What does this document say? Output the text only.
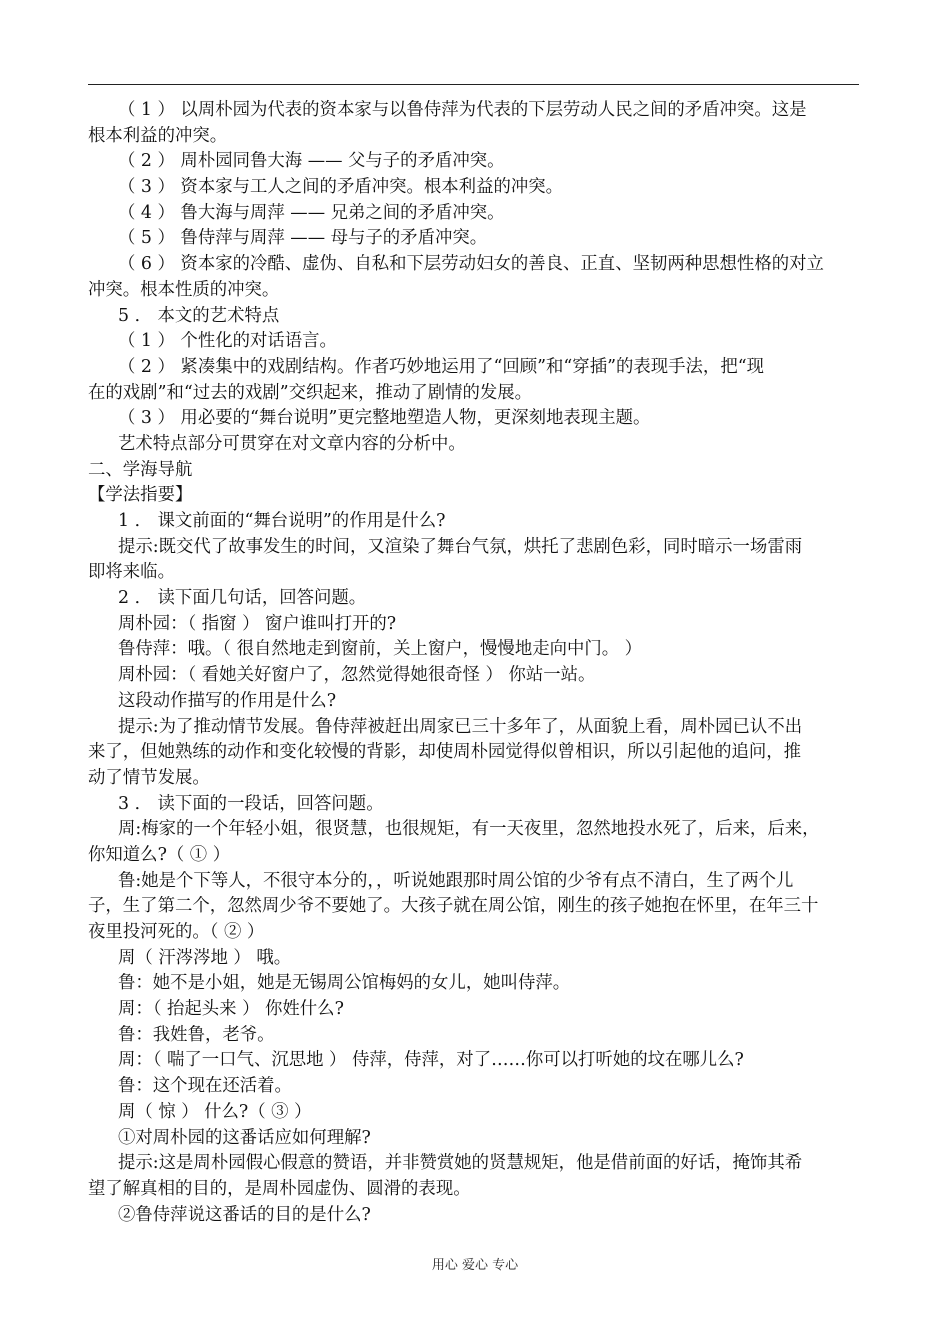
（ 1 ） 以周朴园为代表的资本家与以鲁侍萍为代表的下层劳动人民之间的矛盾冲突。这是
根本利益的冲突。
（ 2 ） 周朴园同鲁大海 —— 父与子的矛盾冲突。
（ 3 ） 资本家与工人之间的矛盾冲突。根本利益的冲突。
（ 4 ） 鲁大海与周萍 —— 兄弟之间的矛盾冲突。
（ 5 ） 鲁侍萍与周萍 —— 母与子的矛盾冲突。
（ 6 ） 资本家的冷酷、虚伪、自私和下层劳动妇女的善良、正直、坚韧两种思想性格的对立
冲突。根本性质的冲突。
5 ． 本文的艺术特点
（ 1 ） 个性化的对话语言。
（ 2 ） 紧凑集中的戏剧结构。作者巧妙地运用了“回顾”和“穿插”的表现手法，把“现
在的戏剧”和“过去的戏剧”交织起来，推动了剧情的发展。
（ 3 ） 用必要的“舞台说明”更完整地塑造人物，更深刻地表现主题。
艺术特点部分可贯穿在对文章内容的分析中。
二、学海导航
【学法指要】
1 ． 课文前面的“舞台说明”的作用是什么?
提示:既交代了故事发生的时间，又渲染了舞台气氛，烘托了悲剧色彩，同时暗示一场雷雨
即将来临。
2 ． 读下面几句话，回答问题。
周朴园：（ 指窗 ） 窗户谁叫打开的?
鲁侍萍：哦。（ 很自然地走到窗前，关上窗户，慢慢地走向中门。 ）
周朴园：（ 看她关好窗户了，忽然觉得她很奇怪 ） 你站一站。
这段动作描写的作用是什么?
提示:为了推动情节发展。鲁侍萍被赶出周家已三十多年了，从面貌上看，周朴园已认不出
来了，但她熟练的动作和变化较慢的背影，却使周朴园觉得似曾相识，所以引起他的追问，推
动了情节发展。
3 ． 读下面的一段话，回答问题。
周:梅家的一个年轻小姐，很贤慧，也很规矩，有一天夜里，忽然地投水死了，后来，后来，
你知道么?（ ① ）
鲁:她是个下等人，不很守本分的，，听说她跟那时周公馆的少爷有点不清白，生了两个儿
子，生了第二个，忽然周少爷不要她了。大孩子就在周公馆，刚生的孩子她抱在怀里，在年三十
夜里投河死的。（ ② ）
周（ 汗涔涔地 ） 哦。
鲁：她不是小姐，她是无锡周公馆梅妈的女儿，她叫侍萍。
周：（ 抬起头来 ） 你姓什么?
鲁：我姓鲁，老爷。
周：（ 喘了一口气、沉思地 ） 侍萍，侍萍，对了……你可以打听她的坟在哪儿么?
鲁：这个现在还活着。
周（ 惊 ） 什么?（ ③ ）
①对周朴园的这番话应如何理解?
提示:这是周朴园假心假意的赞语，并非赞赏她的贤慧规矩，他是借前面的好话，掩饰其希
望了解真相的目的，是周朴园虚伪、圆滑的表现。
②鲁侍萍说这番话的目的是什么?
用心 爱心 专心
